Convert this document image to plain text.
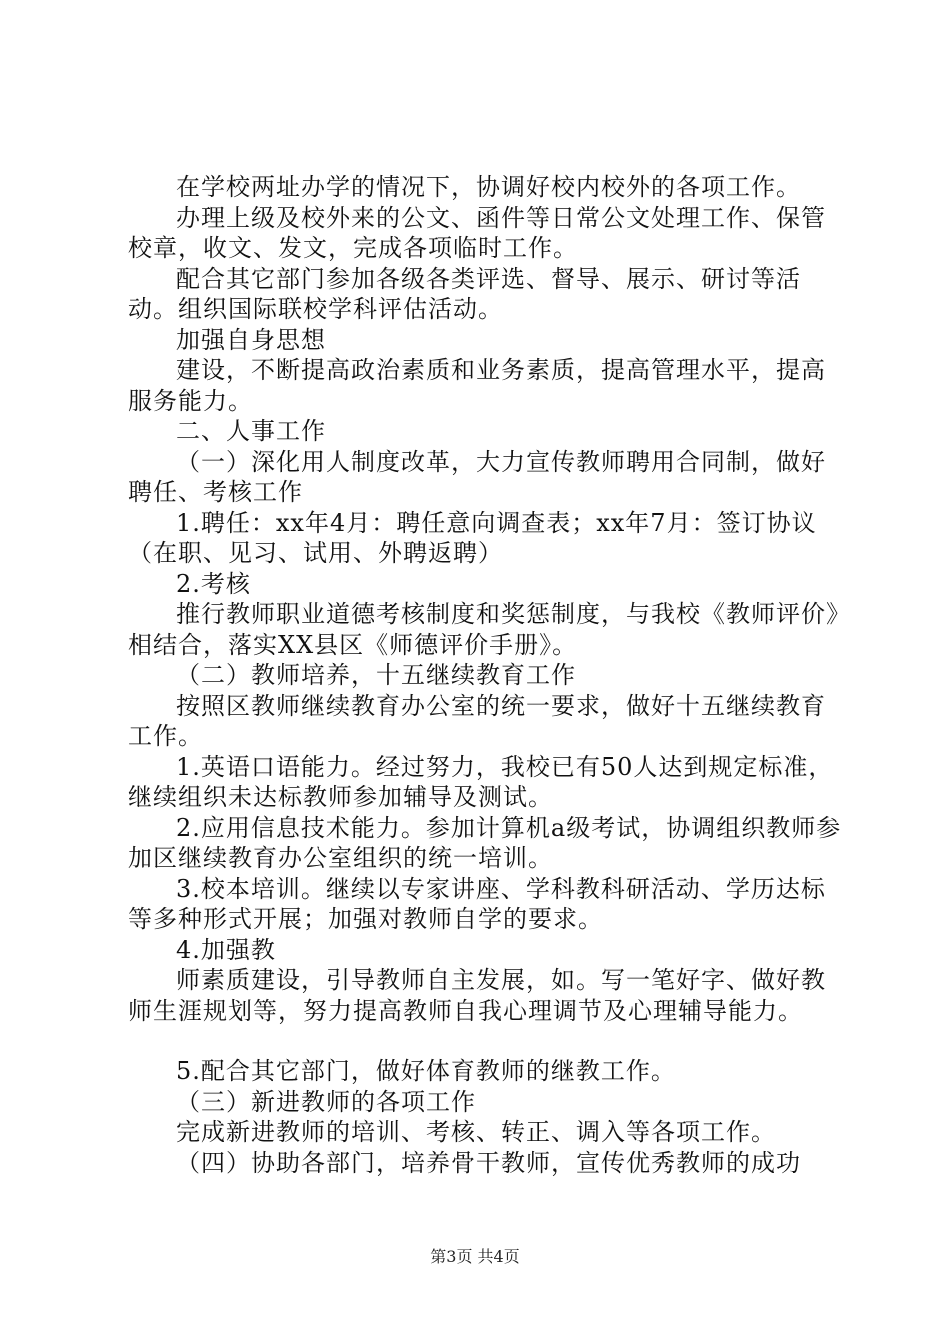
在学校两址办学的情况下，协调好校内校外的各项工作。

办理上级及校外来的公文、函件等日常公文处理工作、保管校章，收文、发文，完成各项临时工作。

配合其它部门参加各级各类评选、督导、展示、研讨等活动。组织国际联校学科评估活动。

加强自身思想

建设，不断提高政治素质和业务素质，提高管理水平，提高服务能力。

二、人事工作

（一）深化用人制度改革，大力宣传教师聘用合同制，做好聘任、考核工作

1.聘任：xx年4月：聘任意向调查表；xx年7月：签订协议（在职、见习、试用、外聘返聘）

2.考核

推行教师职业道德考核制度和奖惩制度，与我校《教师评价》相结合，落实XX县区《师德评价手册》。

（二）教师培养，十五继续教育工作

按照区教师继续教育办公室的统一要求，做好十五继续教育工作。

1.英语口语能力。经过努力，我校已有50人达到规定标准，继续组织未达标教师参加辅导及测试。

2.应用信息技术能力。参加计算机a级考试，协调组织教师参加区继续教育办公室组织的统一培训。

3.校本培训。继续以专家讲座、学科教科研活动、学历达标等多种形式开展；加强对教师自学的要求。

4.加强教

师素质建设，引导教师自主发展，如。写一笔好字、做好教师生涯规划等，努力提高教师自我心理调节及心理辅导能力。

5.配合其它部门，做好体育教师的继教工作。

（三）新进教师的各项工作

完成新进教师的培训、考核、转正、调入等各项工作。

（四）协助各部门，培养骨干教师，宣传优秀教师的成功

第3页 共4页
